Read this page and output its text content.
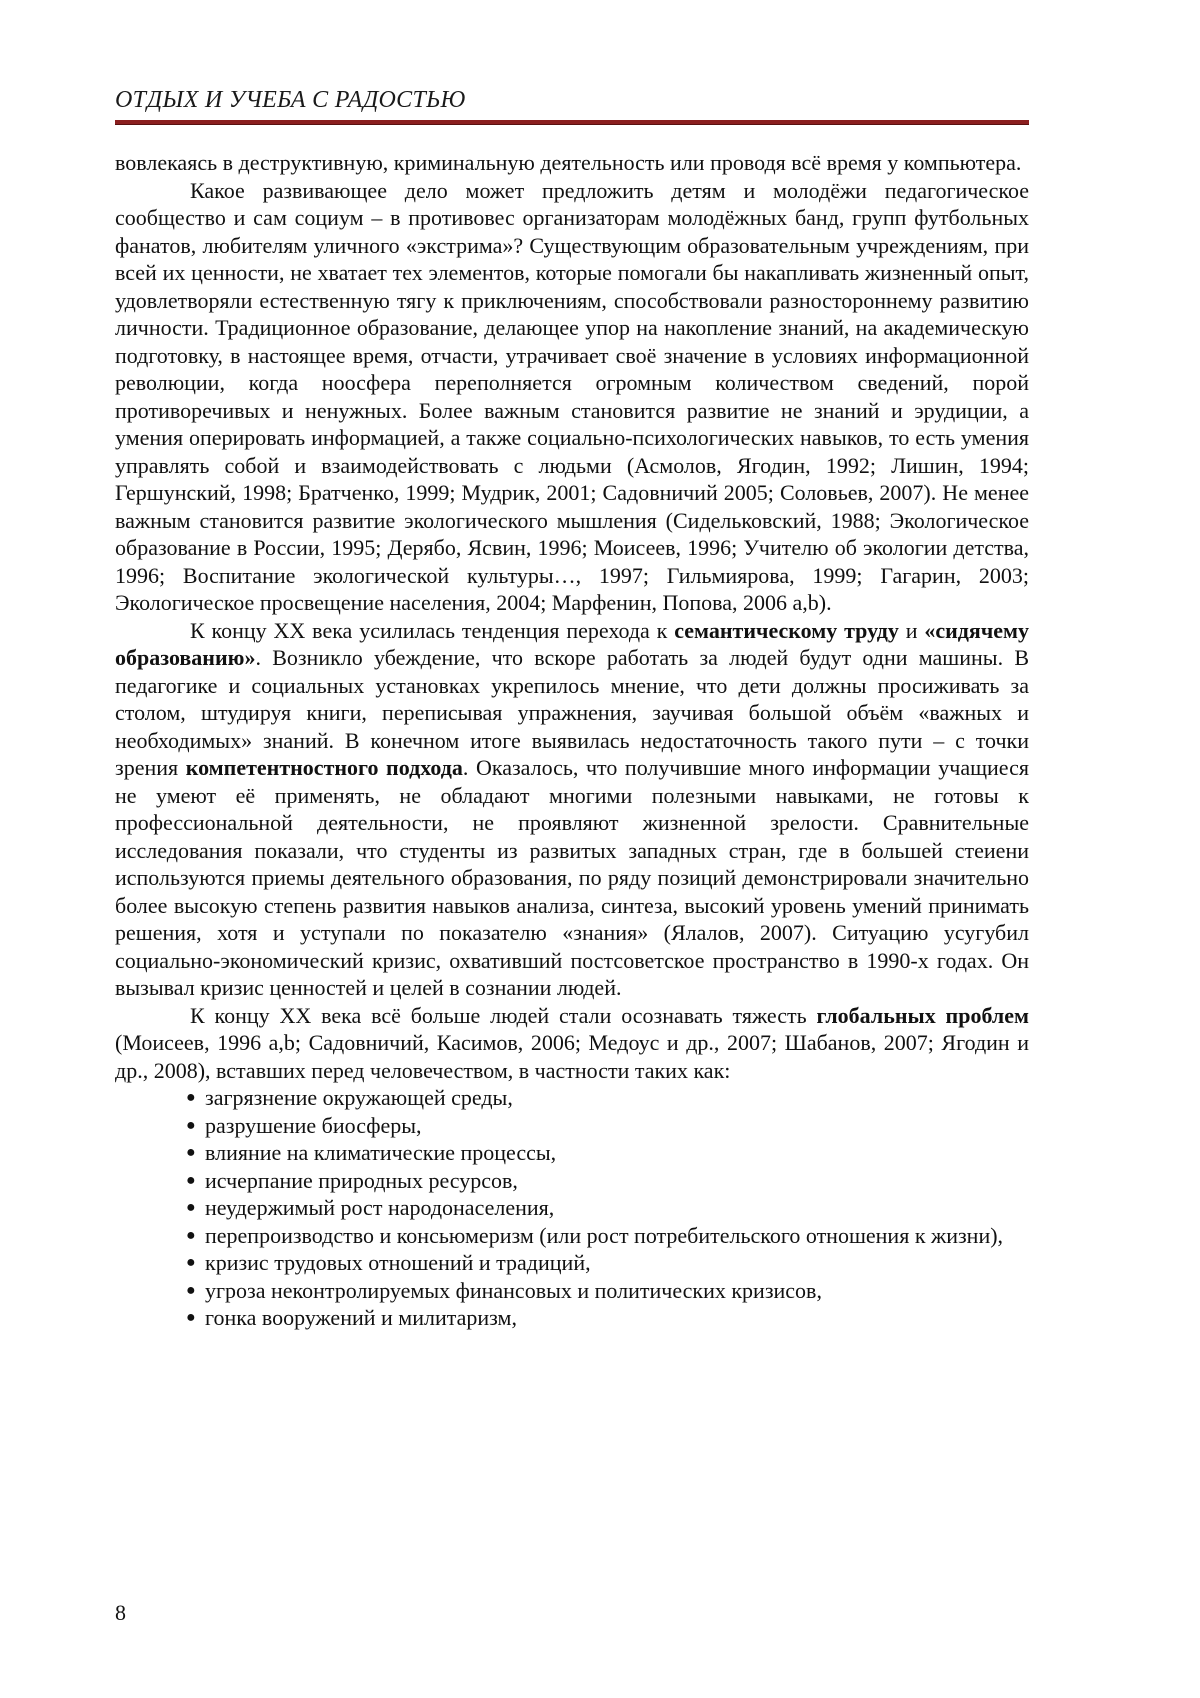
ОТДЫХ И УЧЕБА С РАДОСТЬЮ

вовлекаясь в деструктивную, криминальную деятельность или проводя всё время у компьютера.

Какое развивающее дело может предложить детям и молодёжи педагогическое сообщество и сам социум – в противовес организаторам молодёжных банд, групп футбольных фанатов, любителям уличного «экстрима»? Существующим образовательным учреждениям, при всей их ценности, не хватает тех элементов, которые помогали бы накапливать жизненный опыт, удовлетворяли естественную тягу к приключениям, способствовали разностороннему развитию личности. Традиционное образование, делающее упор на накопление знаний, на академическую подготовку, в настоящее время, отчасти, утрачивает своё значение в условиях информационной революции, когда ноосфера переполняется огромным количеством сведений, порой противоречивых и ненужных. Более важным становится развитие не знаний и эрудиции, а умения оперировать информацией, а также социально-психологических навыков, то есть умения управлять собой и взаимодействовать с людьми (Асмолов, Ягодин, 1992; Лишин, 1994; Гершунский, 1998; Братченко, 1999; Мудрик, 2001; Садовничий 2005; Соловьев, 2007). Не менее важным становится развитие экологического мышления (Сидельковский, 1988; Экологическое образование в России, 1995; Дерябо, Ясвин, 1996; Моисеев, 1996; Учителю об экологии детства, 1996; Воспитание экологической культуры…, 1997; Гильмиярова, 1999; Гагарин, 2003; Экологическое просвещение населения, 2004; Марфенин, Попова, 2006 a,b).

К концу XX века усилилась тенденция перехода к семантическому труду и «сидячему образованию». Возникло убеждение, что вскоре работать за людей будут одни машины. В педагогике и социальных установках укрепилось мнение, что дети должны просиживать за столом, штудируя книги, переписывая упражнения, заучивая большой объём «важных и необходимых» знаний. В конечном итоге выявилась недостаточность такого пути – с точки зрения компетентностного подхода. Оказалось, что получившие много информации учащиеся не умеют её применять, не обладают многими полезными навыками, не готовы к профессиональной деятельности, не проявляют жизненной зрелости. Сравнительные исследования показали, что студенты из развитых западных стран, где в большей стеиени используются приемы деятельного образования, по ряду позиций демонстрировали значительно более высокую степень развития навыков анализа, синтеза, высокий уровень умений принимать решения, хотя и уступали по показателю «знания» (Ялалов, 2007). Ситуацию усугубил социально-экономический кризис, охвативший постсоветское пространство в 1990-х годах. Он вызывал кризис ценностей и целей в сознании людей.

К концу XX века всё больше людей стали осознавать тяжесть глобальных проблем (Моисеев, 1996 a,b; Садовничий, Касимов, 2006; Медоус и др., 2007; Шабанов, 2007; Ягодин и др., 2008), вставших перед человечеством, в частности таких как:

● загрязнение окружающей среды,
● разрушение биосферы,
● влияние на климатические процессы,
● исчерпание природных ресурсов,
● неудержимый рост народонаселения,
● перепроизводство и консьюмеризм (или рост потребительского отношения к жизни),
● кризис трудовых отношений и традиций,
● угроза неконтролируемых финансовых и политических кризисов,
● гонка вооружений и милитаризм,
8
